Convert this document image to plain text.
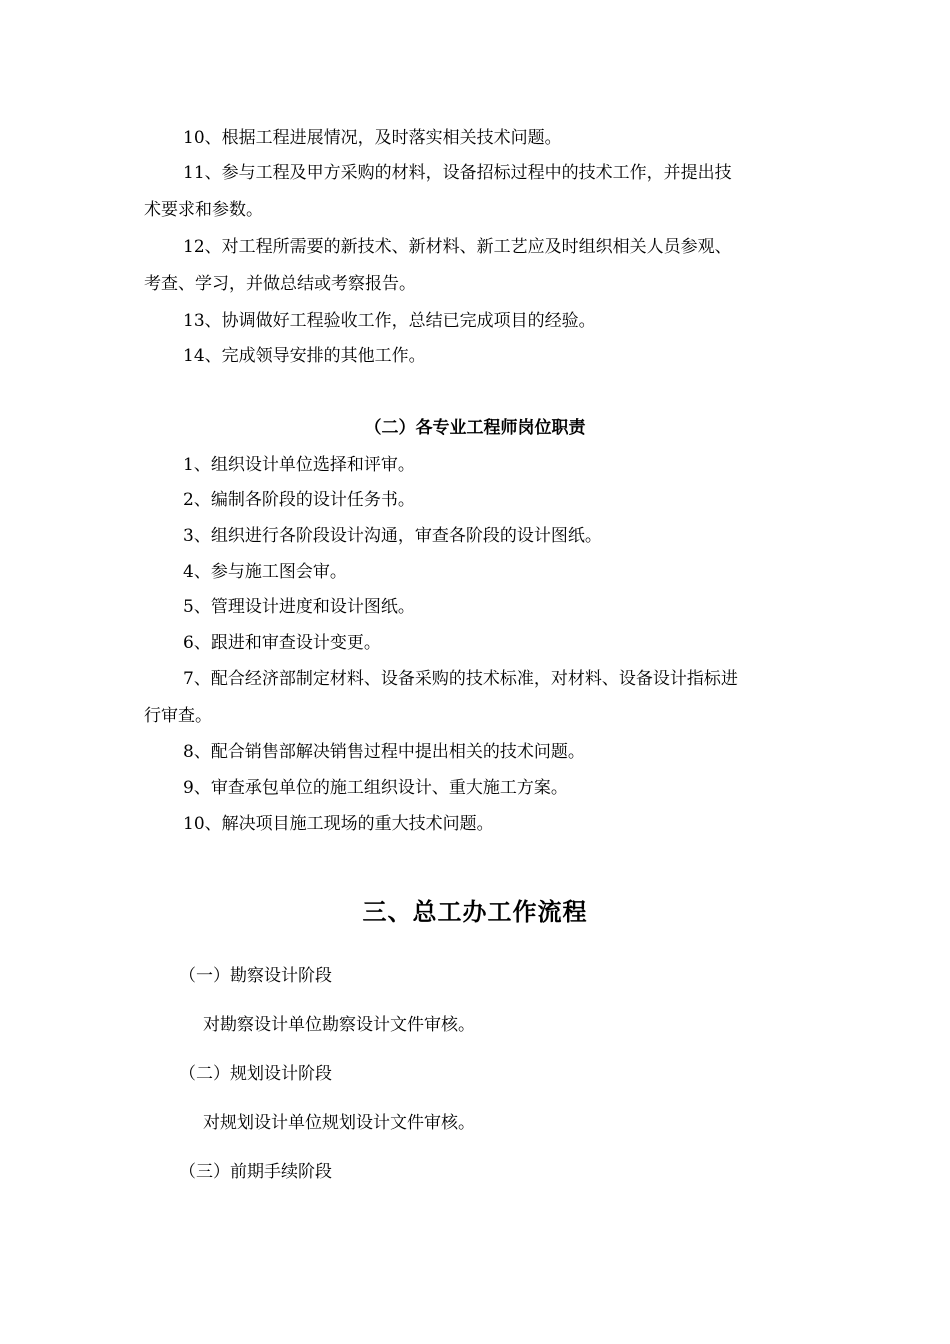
10、根据工程进展情况，及时落实相关技术问题。
11、参与工程及甲方采购的材料，设备招标过程中的技术工作，并提出技
术要求和参数。
12、对工程所需要的新技术、新材料、新工艺应及时组织相关人员参观、
考查、学习，并做总结或考察报告。
13、协调做好工程验收工作，总结已完成项目的经验。
14、完成领导安排的其他工作。
（二）各专业工程师岗位职责
1、组织设计单位选择和评审。
2、编制各阶段的设计任务书。
3、组织进行各阶段设计沟通，审查各阶段的设计图纸。
4、参与施工图会审。
5、管理设计进度和设计图纸。
6、跟进和审查设计变更。
7、配合经济部制定材料、设备采购的技术标准，对材料、设备设计指标进
行审查。
8、配合销售部解决销售过程中提出相关的技术问题。
9、审查承包单位的施工组织设计、重大施工方案。
10、解决项目施工现场的重大技术问题。
三、总工办工作流程
（一）勘察设计阶段
对勘察设计单位勘察设计文件审核。
（二）规划设计阶段
对规划设计单位规划设计文件审核。
（三）前期手续阶段
